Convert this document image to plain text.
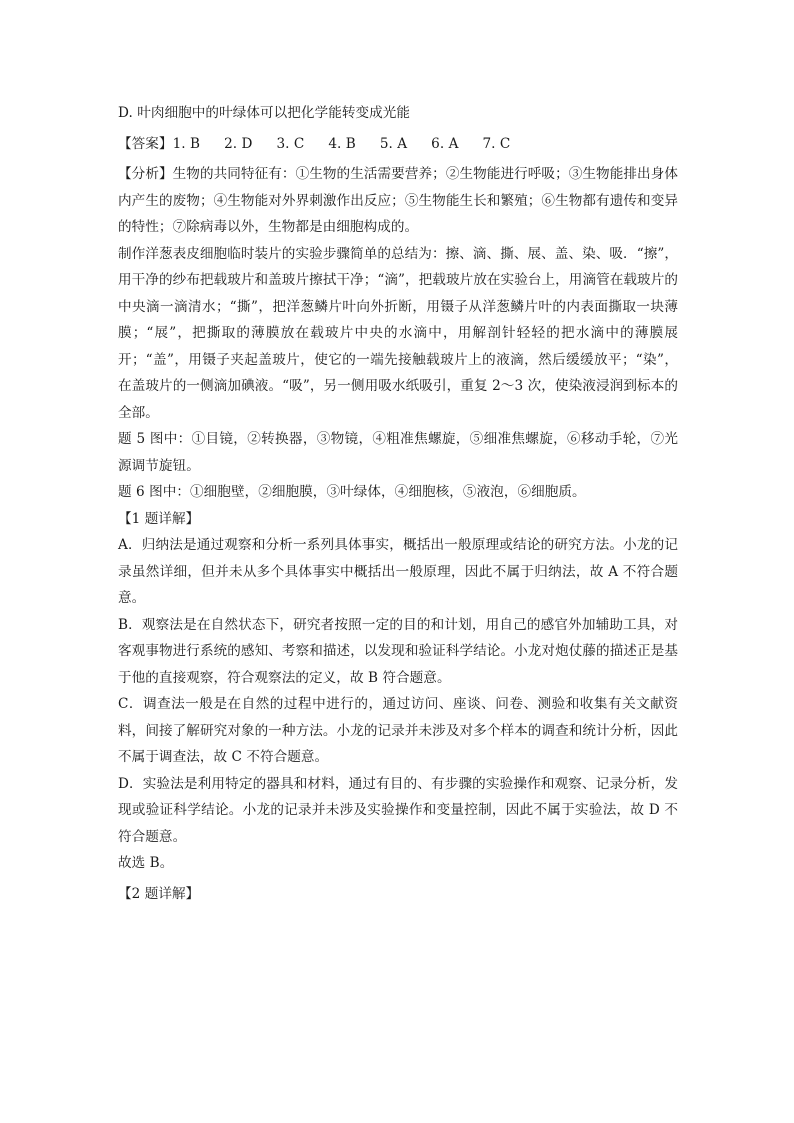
D. 叶肉细胞中的叶绿体可以把化学能转变成光能

【答案】1. B 2. D 3. C 4. B 5. A 6. A 7. C

【分析】生物的共同特征有：①生物的生活需要营养；②生物能进行呼吸；③生物能排出身体内产生的废物；④生物能对外界刺激作出反应；⑤生物能生长和繁殖；⑥生物都有遗传和变异的特性；⑦除病毒以外，生物都是由细胞构成的。

制作洋葱表皮细胞临时装片的实验步骤简单的总结为：擦、滴、撕、展、盖、染、吸．“擦”，用干净的纱布把载玻片和盖玻片擦拭干净；“滴”，把载玻片放在实验台上，用滴管在载玻片的中央滴一滴清水；“撕”，把洋葱鳞片叶向外折断，用镊子从洋葱鳞片叶的内表面撕取一块薄膜；“展”，把撕取的薄膜放在载玻片中央的水滴中，用解剖针轻轻的把水滴中的薄膜展开；“盖”，用镊子夹起盖玻片，使它的一端先接触载玻片上的液滴，然后缓缓放平；“染”，在盖玻片的一侧滴加碘液。“吸”，另一侧用吸水纸吸引，重复 2～3 次，使染液浸润到标本的全部。

题 5 图中：①目镜，②转换器，③物镜，④粗准焦螺旋，⑤细准焦螺旋，⑥移动手轮，⑦光源调节旋钮。

题 6 图中：①细胞壁，②细胞膜，③叶绿体，④细胞核，⑤液泡，⑥细胞质。

【1 题详解】

A．归纳法是通过观察和分析一系列具体事实，概括出一般原理或结论的研究方法。小龙的记录虽然详细，但并未从多个具体事实中概括出一般原理，因此不属于归纳法，故 A 不符合题意。

B．观察法是在自然状态下，研究者按照一定的目的和计划，用自己的感官外加辅助工具，对客观事物进行系统的感知、考察和描述，以发现和验证科学结论。小龙对炮仗藤的描述正是基于他的直接观察，符合观察法的定义，故 B 符合题意。

C．调查法一般是在自然的过程中进行的，通过访问、座谈、问卷、测验和收集有关文献资料，间接了解研究对象的一种方法。小龙的记录并未涉及对多个样本的调查和统计分析，因此不属于调查法，故 C 不符合题意。

D．实验法是利用特定的器具和材料，通过有目的、有步骤的实验操作和观察、记录分析，发现或验证科学结论。小龙的记录并未涉及实验操作和变量控制，因此不属于实验法，故 D 不符合题意。

故选 B。

【2 题详解】
